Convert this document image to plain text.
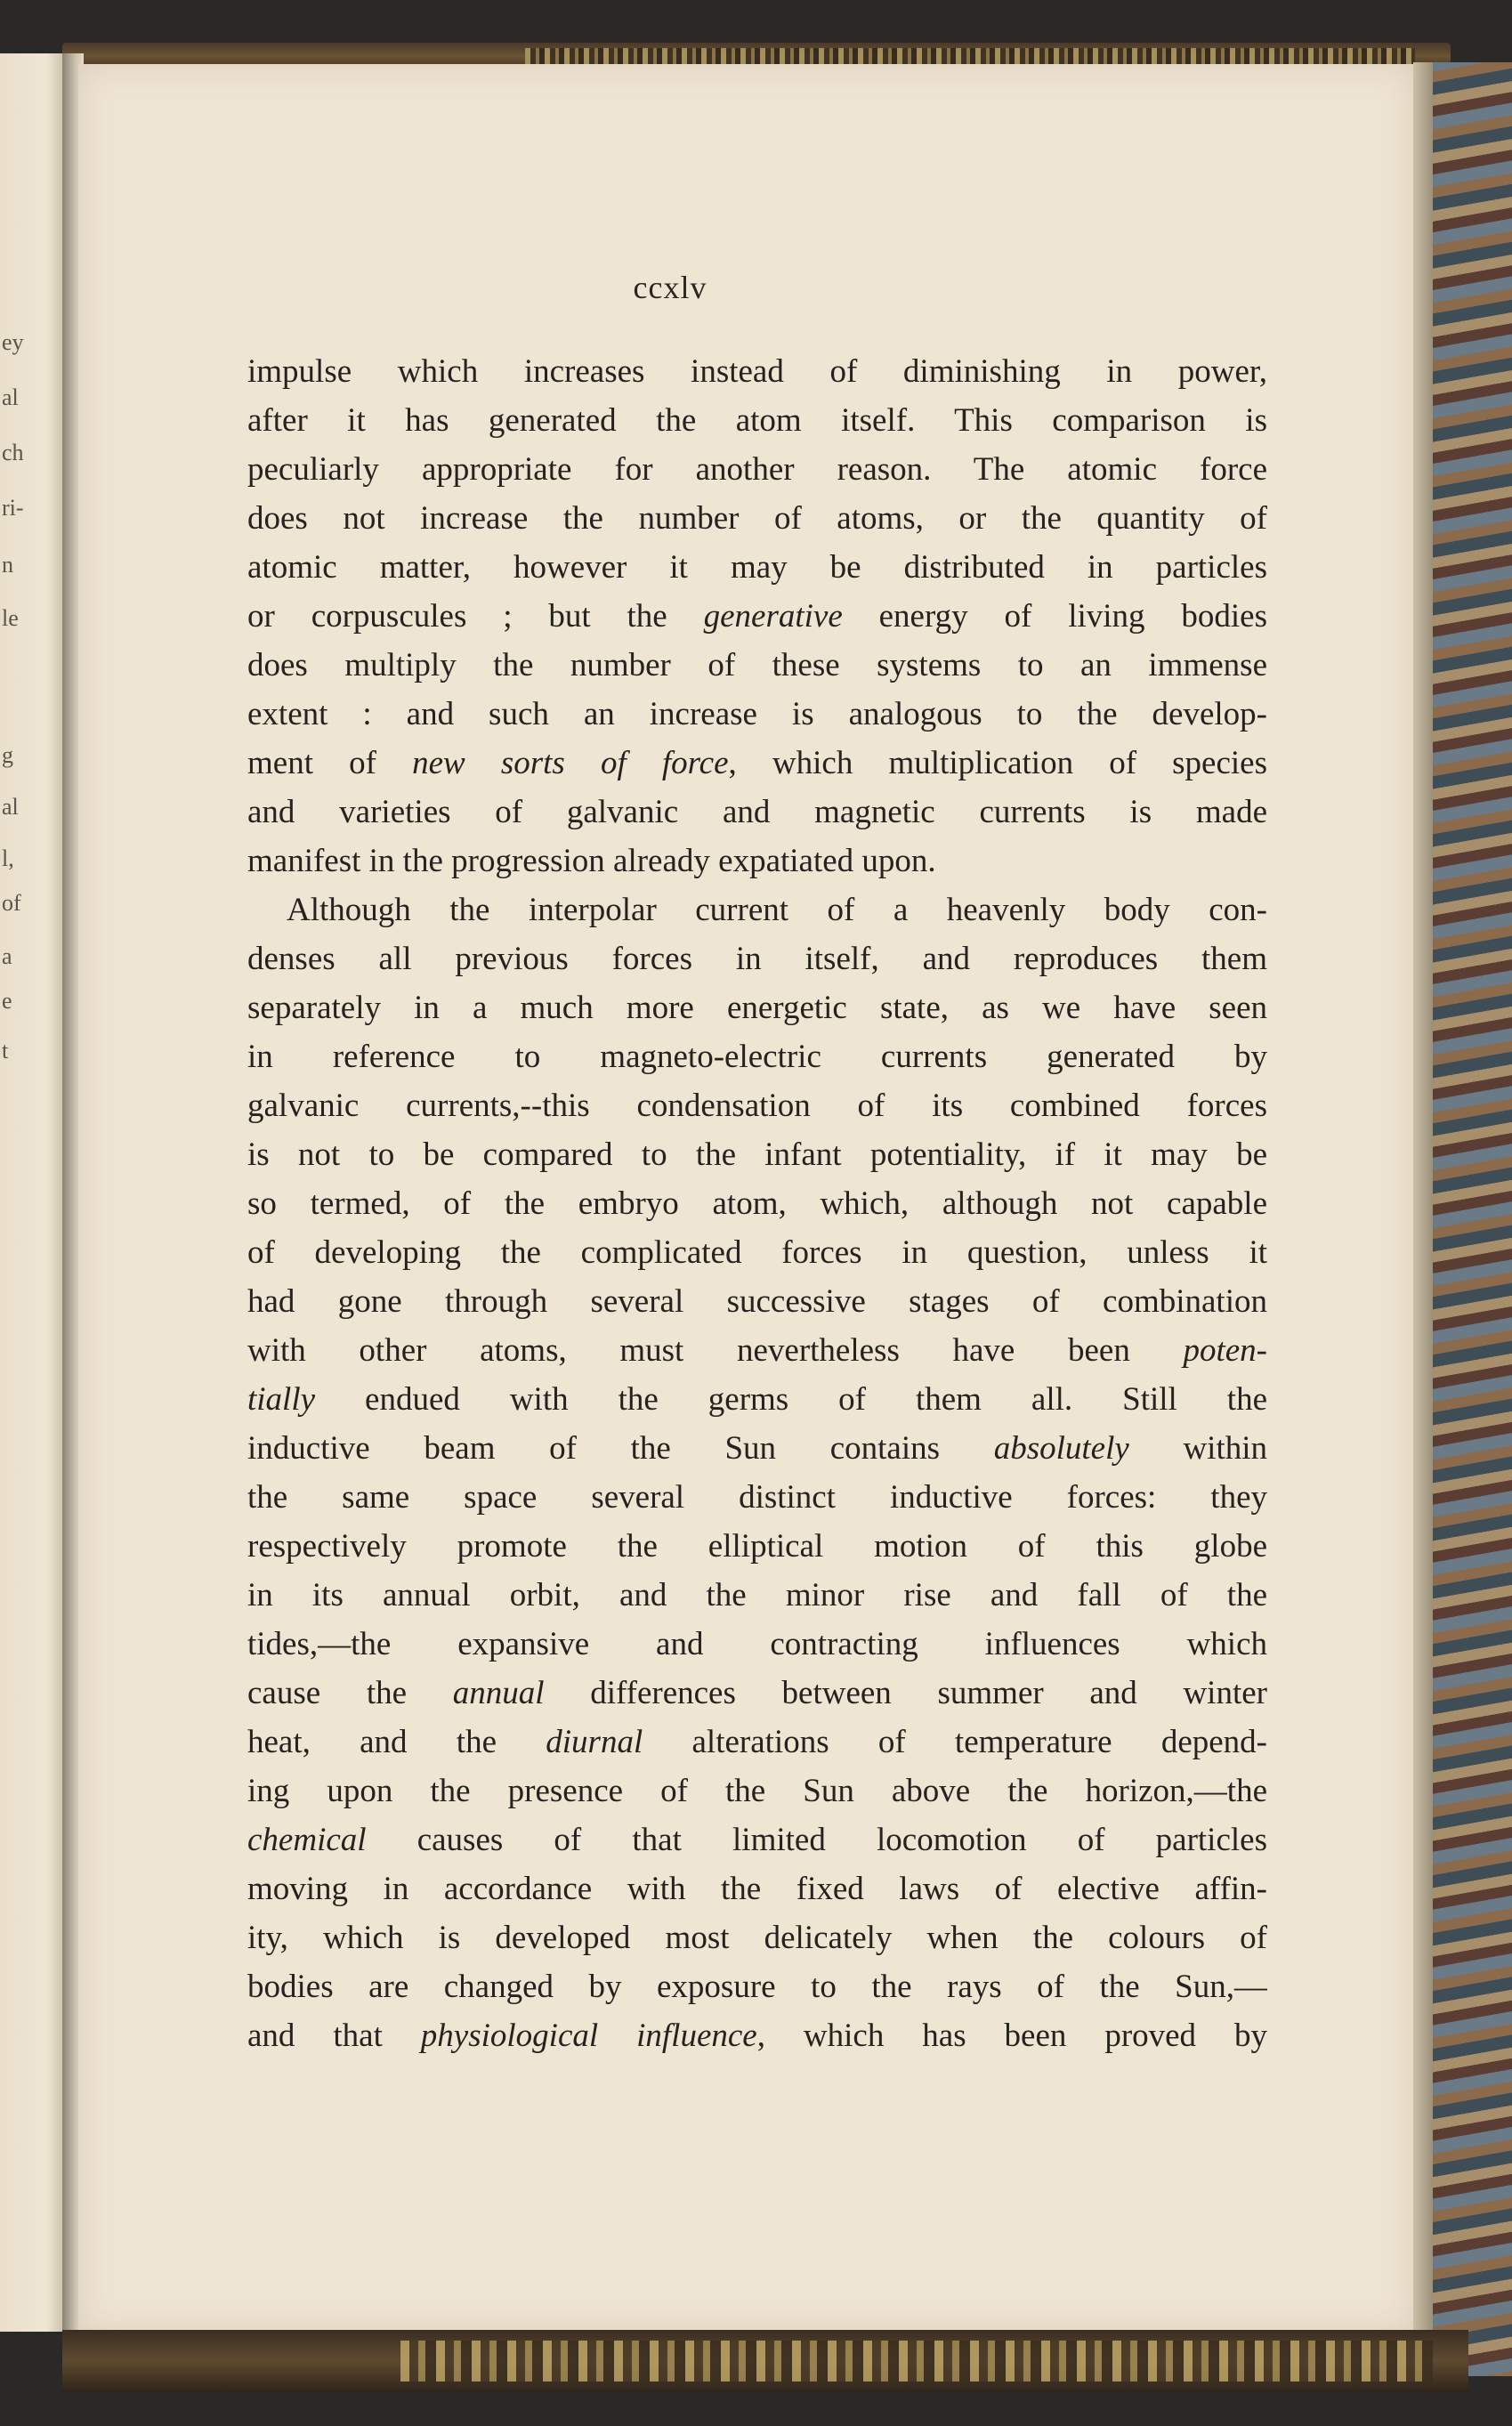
ey
al
ch
ri-
n
le
g
al
l,
of
a
e
t
ccxlv
impulse which increases instead of diminishing in power,
after it has generated the atom itself. This comparison is
peculiarly appropriate for another reason. The atomic force
does not increase the number of atoms, or the quantity of
atomic matter, however it may be distributed in particles
or corpuscules ; but the generative energy of living bodies
does multiply the number of these systems to an immense
extent : and such an increase is analogous to the develop-
ment of new sorts of force, which multiplication of species
and varieties of galvanic and magnetic currents is made
manifest in the progression already expatiated upon.
Although the interpolar current of a heavenly body con-
denses all previous forces in itself, and reproduces them
separately in a much more energetic state, as we have seen
in reference to magneto-electric currents generated by
galvanic currents,--this condensation of its combined forces
is not to be compared to the infant potentiality, if it may be
so termed, of the embryo atom, which, although not capable
of developing the complicated forces in question, unless it
had gone through several successive stages of combination
with other atoms, must nevertheless have been poten-
tially endued with the germs of them all. Still the
inductive beam of the Sun contains absolutely within
the same space several distinct inductive forces: they
respectively promote the elliptical motion of this globe
in its annual orbit, and the minor rise and fall of the
tides,—the expansive and contracting influences which
cause the annual differences between summer and winter
heat, and the diurnal alterations of temperature depend-
ing upon the presence of the Sun above the horizon,—the
chemical causes of that limited locomotion of particles
moving in accordance with the fixed laws of elective affin-
ity, which is developed most delicately when the colours of
bodies are changed by exposure to the rays of the Sun,—
and that physiological influence, which has been proved by
